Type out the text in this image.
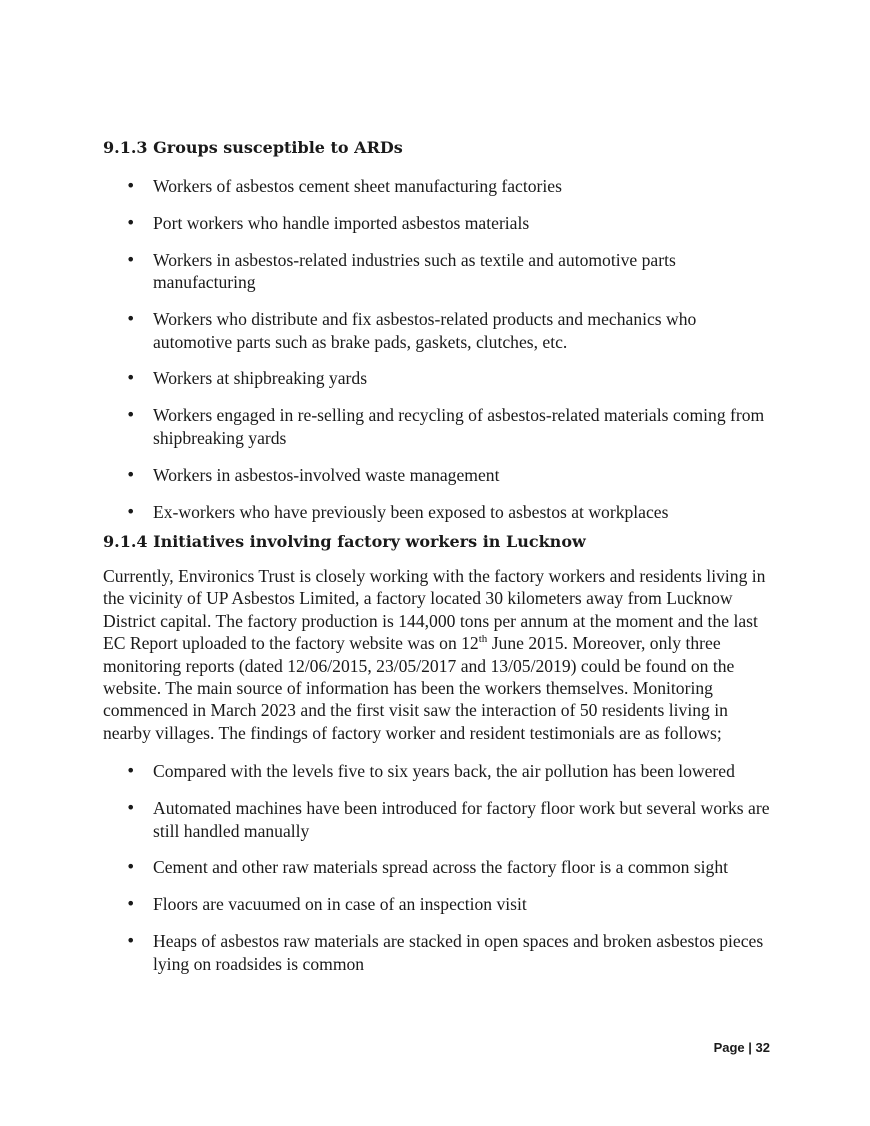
9.1.3 Groups susceptible to ARDs
• Workers of asbestos cement sheet manufacturing factories
• Port workers who handle imported asbestos materials
• Workers in asbestos-related industries such as textile and automotive parts manufacturing
• Workers who distribute and fix asbestos-related products and mechanics who automotive parts such as brake pads, gaskets, clutches, etc.
• Workers at shipbreaking yards
• Workers engaged in re-selling and recycling of asbestos-related materials coming from shipbreaking yards
• Workers in asbestos-involved waste management
• Ex-workers who have previously been exposed to asbestos at workplaces
9.1.4 Initiatives involving factory workers in Lucknow

Currently, Environics Trust is closely working with the factory workers and residents living in the vicinity of UP Asbestos Limited, a factory located 30 kilometers away from Lucknow District capital. The factory production is 144,000 tons per annum at the moment and the last EC Report uploaded to the factory website was on 12th June 2015. Moreover, only three monitoring reports (dated 12/06/2015, 23/05/2017 and 13/05/2019) could be found on the website. The main source of information has been the workers themselves. Monitoring commenced in March 2023 and the first visit saw the interaction of 50 residents living in nearby villages. The findings of factory worker and resident testimonials are as follows;

• Compared with the levels five to six years back, the air pollution has been lowered
• Automated machines have been introduced for factory floor work but several works are still handled manually
• Cement and other raw materials spread across the factory floor is a common sight
• Floors are vacuumed on in case of an inspection visit
• Heaps of asbestos raw materials are stacked in open spaces and broken asbestos pieces lying on roadsides is common
Page | 32
